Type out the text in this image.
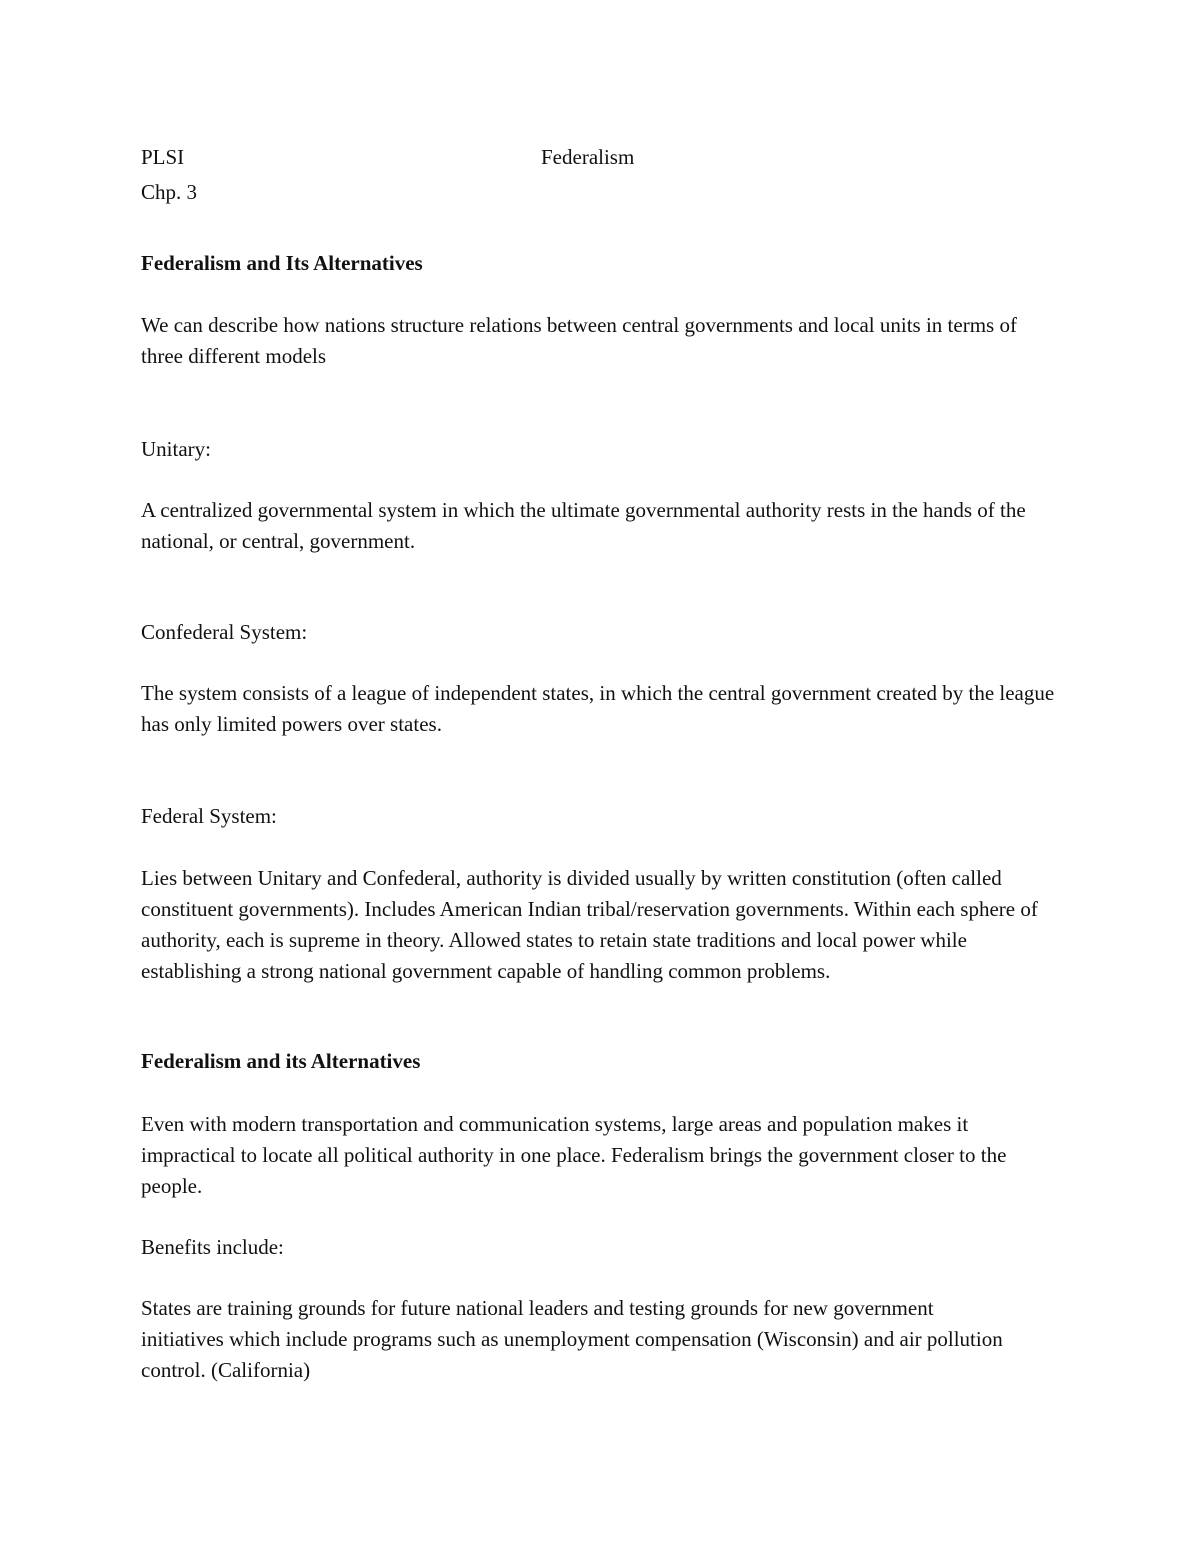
PLSI	Federalism
Chp. 3
Federalism and Its Alternatives
We can describe how nations structure relations between central governments and local units in terms of three different models
Unitary:
A centralized governmental system in which the ultimate governmental authority rests in the hands of the national, or central, government.
Confederal System:
The system consists of a league of independent states, in which the central government created by the league has only limited powers over states.
Federal System:
Lies between Unitary and Confederal, authority is divided usually by written constitution (often called constituent governments). Includes American Indian tribal/reservation governments. Within each sphere of authority, each is supreme in theory. Allowed states to retain state traditions and local power while establishing a strong national government capable of handling common problems.
Federalism and its Alternatives
Even with modern transportation and communication systems, large areas and population makes it impractical to locate all political authority in one place. Federalism brings the government closer to the people.
Benefits include:
States are training grounds for future national leaders and testing grounds for new government initiatives which include programs such as unemployment compensation (Wisconsin) and air pollution control. (California)
